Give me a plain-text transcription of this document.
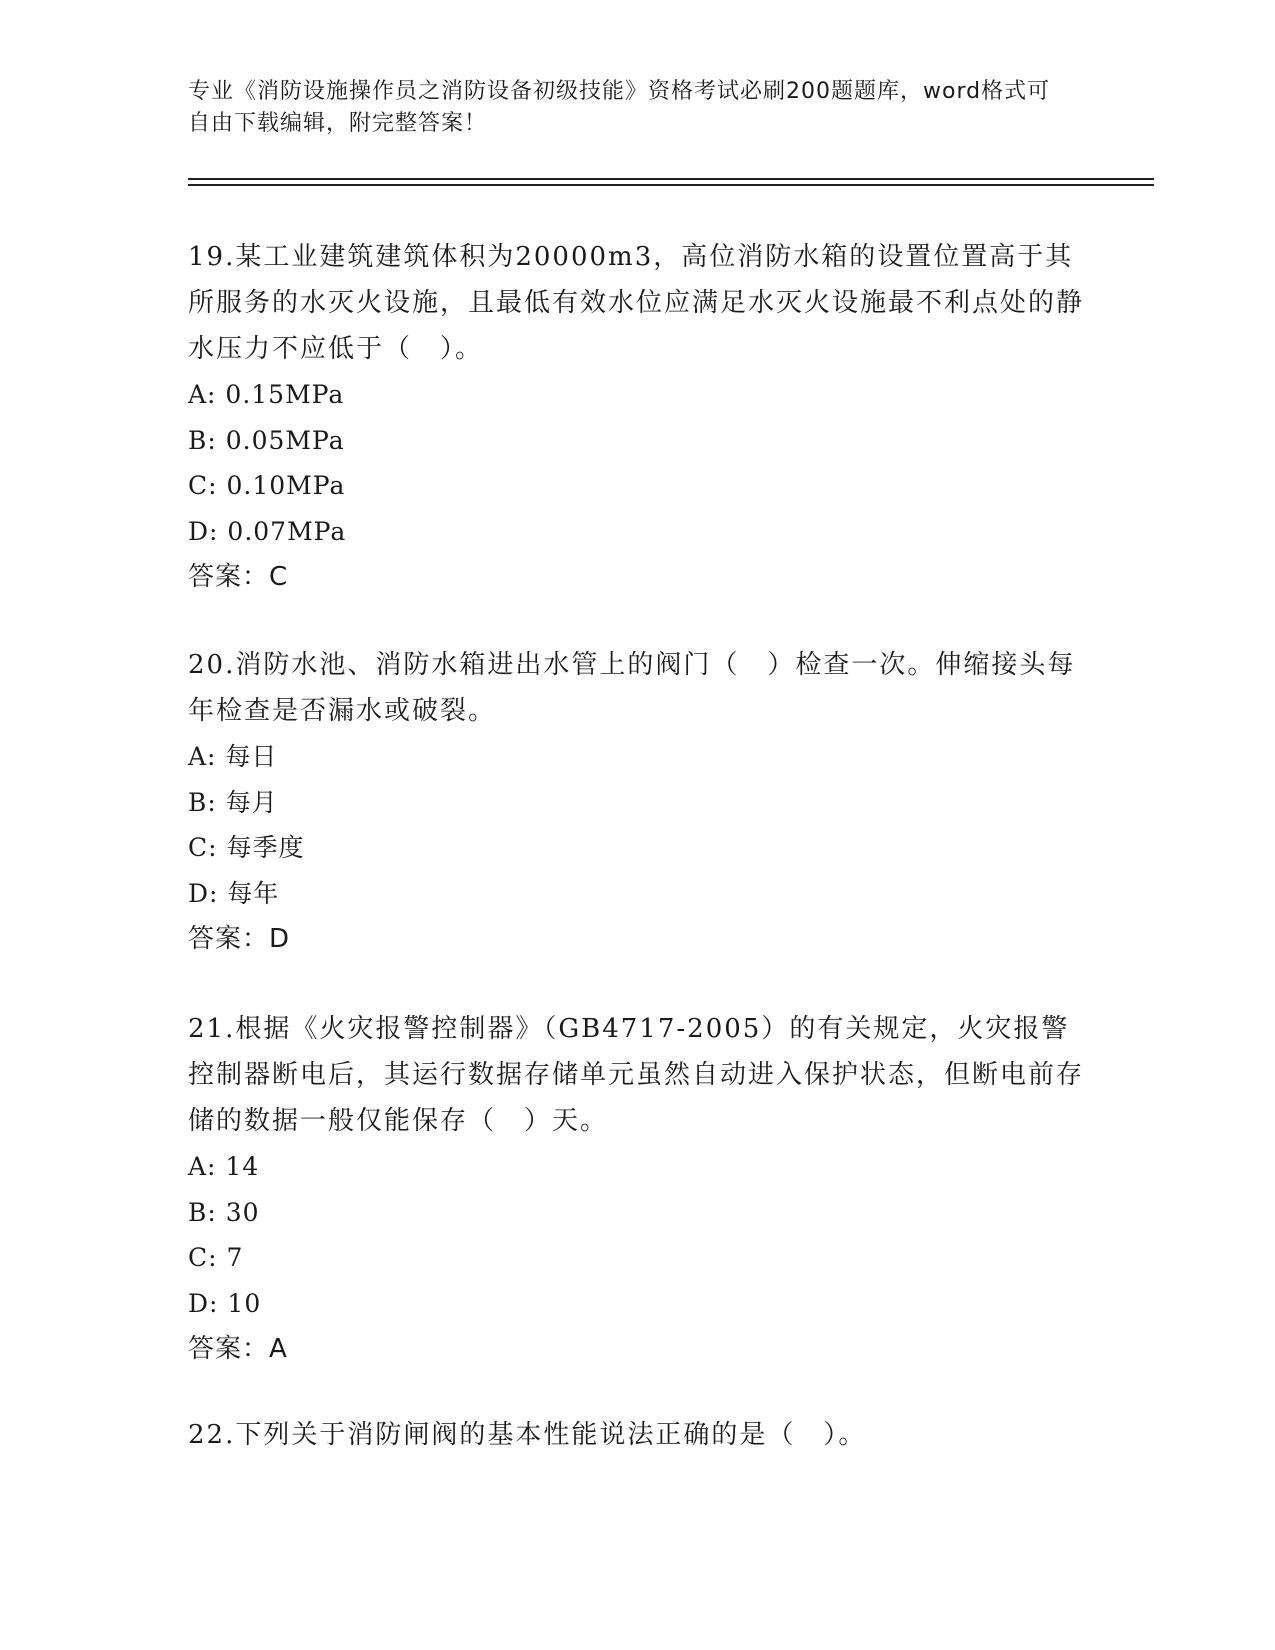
专业《消防设施操作员之消防设备初级技能》资格考试必刷200题题库，word格式可自由下载编辑，附完整答案！

19.某工业建筑建筑体积为20000m3，高位消防水箱的设置位置高于其所服务的水灭火设施，且最低有效水位应满足水灭火设施最不利点处的静水压力不应低于（　）。

A: 0.15MPa

B: 0.05MPa

C: 0.10MPa

D: 0.07MPa

答案：C

20.消防水池、消防水箱进出水管上的阀门（　）检查一次。伸缩接头每年检查是否漏水或破裂。

A: 每日

B: 每月

C: 每季度

D: 每年

答案：D

21.根据《火灾报警控制器》（GB4717-2005）的有关规定，火灾报警控制器断电后，其运行数据存储单元虽然自动进入保护状态，但断电前存储的数据一般仅能保存（　）天。

A: 14

B: 30

C: 7

D: 10

答案：A

22.下列关于消防闸阀的基本性能说法正确的是（　）。
